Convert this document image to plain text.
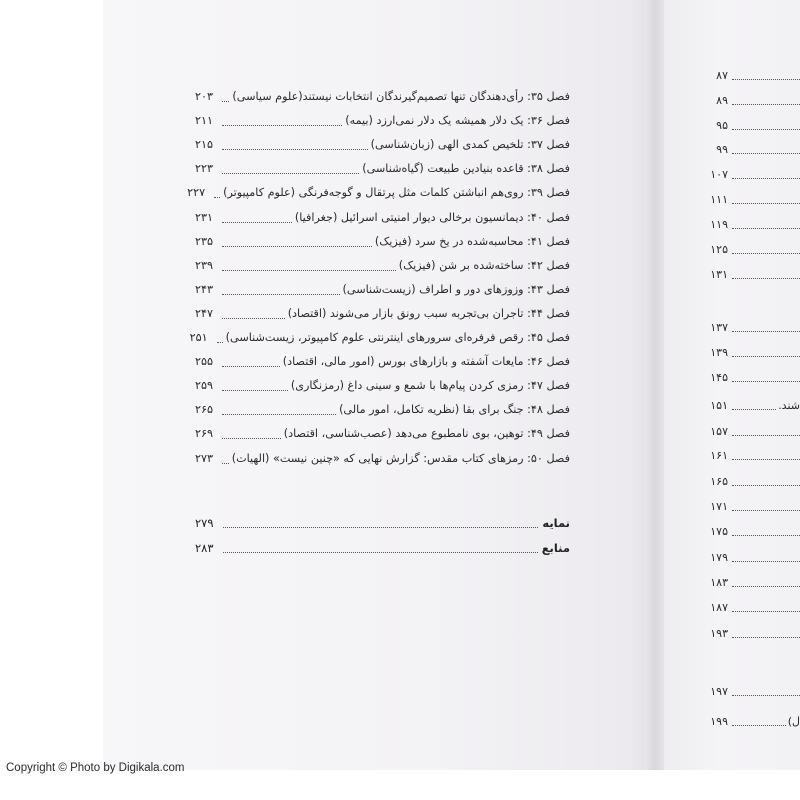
فصل ۳۵: رأی‌دهندگان تنها تصمیم‌گیرندگان انتخابات نیستند(علوم سیاسی)
۲۰۳
فصل ۳۶: یک دلار همیشه یک دلار نمی‌ارزد (بیمه)
۲۱۱
فصل ۳۷: تلخیص کمدی الهی (زبان‌شناسی)
۲۱۵
فصل ۳۸: قاعده بنیادین طبیعت (گیاه‌شناسی)
۲۲۳
فصل ۳۹: روی‌هم انباشتن کلمات مثل پرتقال و گوجه‌فرنگی (علوم کامپیوتر)
۲۲۷
فصل ۴۰: دیمانسیون برخالی دیوار امنیتی اسرائیل (جغرافیا)
۲۳۱
فصل ۴۱: محاسبه‌شده در یخ سرد (فیزیک)
۲۳۵
فصل ۴۲: ساخته‌شده بر شن (فیزیک)
۲۳۹
فصل ۴۳: وزوزهای دور و اطراف (زیست‌شناسی)
۲۴۳
فصل ۴۴: تاجران بی‌تجربه سبب رونق بازار می‌شوند (اقتصاد)
۲۴۷
فصل ۴۵: رقص فرفره‌ای سرورهای اینترنتی علوم کامپیوتر، زیست‌شناسی)
۲۵۱
فصل ۴۶: مایعات آشفته و بازارهای بورس (امور مالی، اقتصاد)
۲۵۵
فصل ۴۷: رمزی کردن پیام‌ها با شمع و سینی داغ (رمزنگاری)
۲۵۹
فصل ۴۸: جنگ برای بقا (نظریه تکامل، امور مالی)
۲۶۵
فصل ۴۹: توهین، بوی نامطبوع می‌دهد (عصب‌شناسی، اقتصاد)
۲۶۹
فصل ۵۰: رمزهای کتاب مقدس: گزارش نهایی که «چنین نیست» (الهیات)
۲۷۳
۸۷
۸۹
۹۵
۹۹
۱۰۷
۱۱۱
۱۱۹
۱۲۵
۱۳۱
۱۳۷
۱۳۹
۱۴۵
۱۵۱	شند.
۱۵۷
۱۶۱
۱۶۵
۱۷۱
۱۷۵
۱۷۹
۱۸۳
۱۸۷
۱۹۳
۱۹۷
۱۹۹	ل)
نمایه
۲۷۹
منابع
۲۸۳
Copyright © Photo by Digikala.com
